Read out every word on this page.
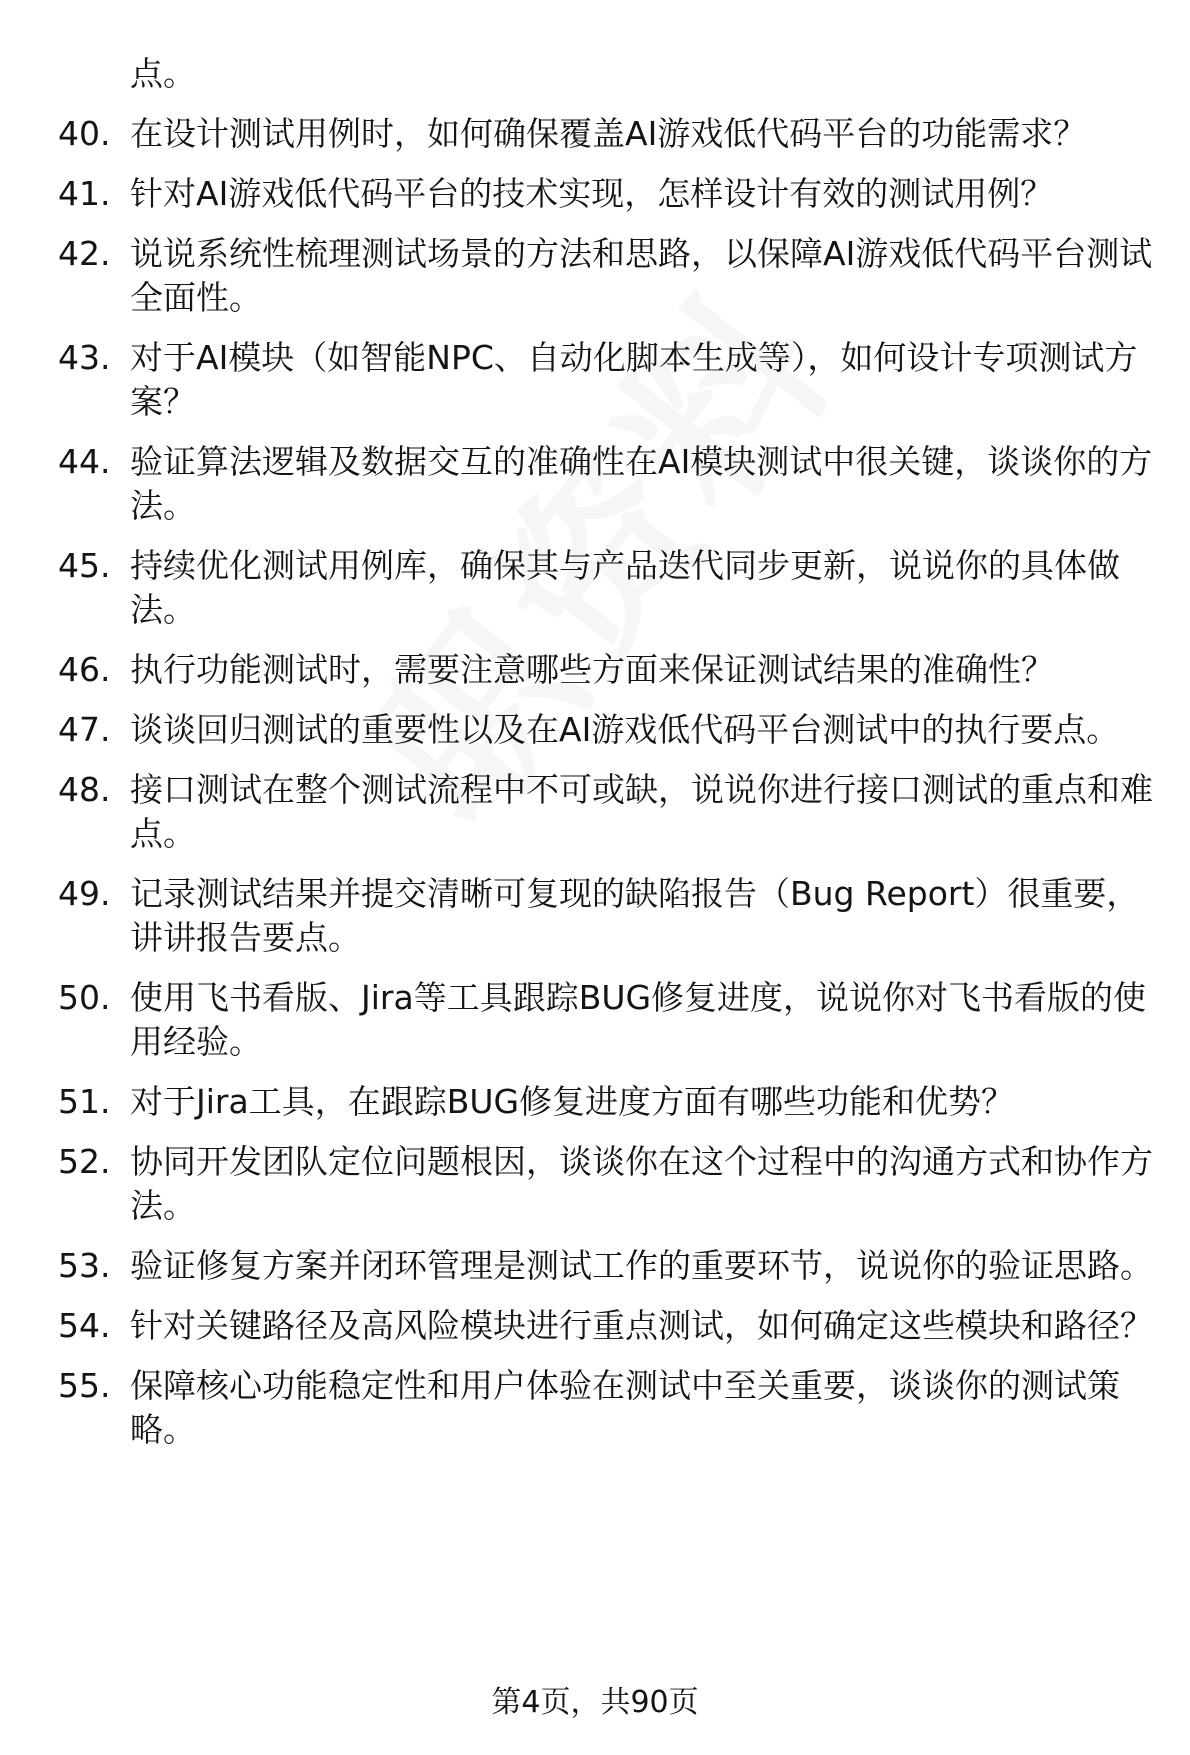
点。
40. 在设计测试用例时，如何确保覆盖AI游戏低代码平台的功能需求？
41. 针对AI游戏低代码平台的技术实现，怎样设计有效的测试用例？
42. 说说系统性梳理测试场景的方法和思路，以保障AI游戏低代码平台测试全面性。
43. 对于AI模块（如智能NPC、自动化脚本生成等），如何设计专项测试方案？
44. 验证算法逻辑及数据交互的准确性在AI模块测试中很关键，谈谈你的方法。
45. 持续优化测试用例库，确保其与产品迭代同步更新，说说你的具体做法。
46. 执行功能测试时，需要注意哪些方面来保证测试结果的准确性？
47. 谈谈回归测试的重要性以及在AI游戏低代码平台测试中的执行要点。
48. 接口测试在整个测试流程中不可或缺，说说你进行接口测试的重点和难点。
49. 记录测试结果并提交清晰可复现的缺陷报告（Bug Report）很重要，讲讲报告要点。
50. 使用飞书看版、Jira等工具跟踪BUG修复进度，说说你对飞书看版的使用经验。
51. 对于Jira工具，在跟踪BUG修复进度方面有哪些功能和优势？
52. 协同开发团队定位问题根因，谈谈你在这个过程中的沟通方式和协作方法。
53. 验证修复方案并闭环管理是测试工作的重要环节，说说你的验证思路。
54. 针对关键路径及高风险模块进行重点测试，如何确定这些模块和路径？
55. 保障核心功能稳定性和用户体验在测试中至关重要，谈谈你的测试策略。
第4页，共90页
